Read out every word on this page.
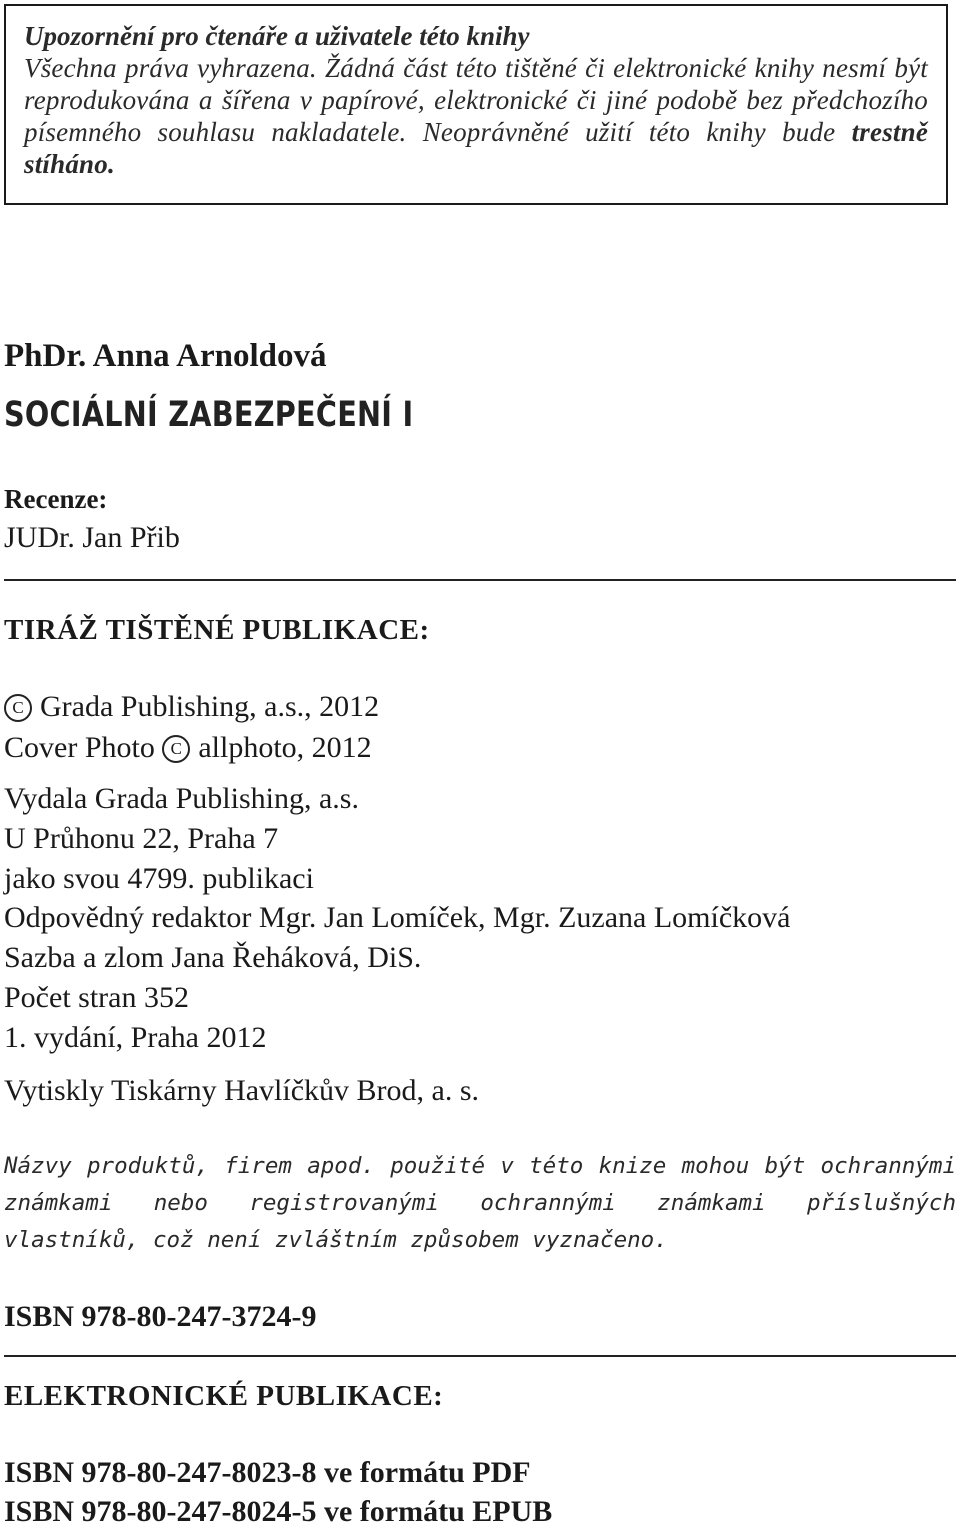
Upozornění pro čtenáře a uživatele této knihy
Všechna práva vyhrazena. Žádná část této tištěné či elektronické knihy nesmí být reprodukována a šířena v papírové, elektronické či jiné podobě bez předchozího písemného souhlasu nakladatele. Neoprávněné užití této knihy bude trestně stíháno.
PhDr. Anna Arnoldová
SOCIÁLNÍ ZABEZPEČENÍ I
Recenze:
JUDr. Jan Přib
TIRÁŽ TIŠTĚNÉ PUBLIKACE:
C Grada Publishing, a.s., 2012
Cover Photo C allphoto, 2012
Vydala Grada Publishing, a.s.
U Průhonu 22, Praha 7
jako svou 4799. publikaci
Odpovědný redaktor Mgr. Jan Lomíček, Mgr. Zuzana Lomíčková
Sazba a zlom Jana Řeháková, DiS.
Počet stran 352
1. vydání, Praha 2012
Vytiskly Tiskárny Havlíčkův Brod, a. s.
Názvy produktů, firem apod. použité v této knize mohou být ochrannými známkami nebo registrovanými ochrannými známkami příslušných vlastníků, což není zvláštním způsobem vyznačeno.
ISBN 978-80-247-3724-9
ELEKTRONICKÉ PUBLIKACE:
ISBN 978-80-247-8023-8 ve formátu PDF
ISBN 978-80-247-8024-5 ve formátu EPUB
